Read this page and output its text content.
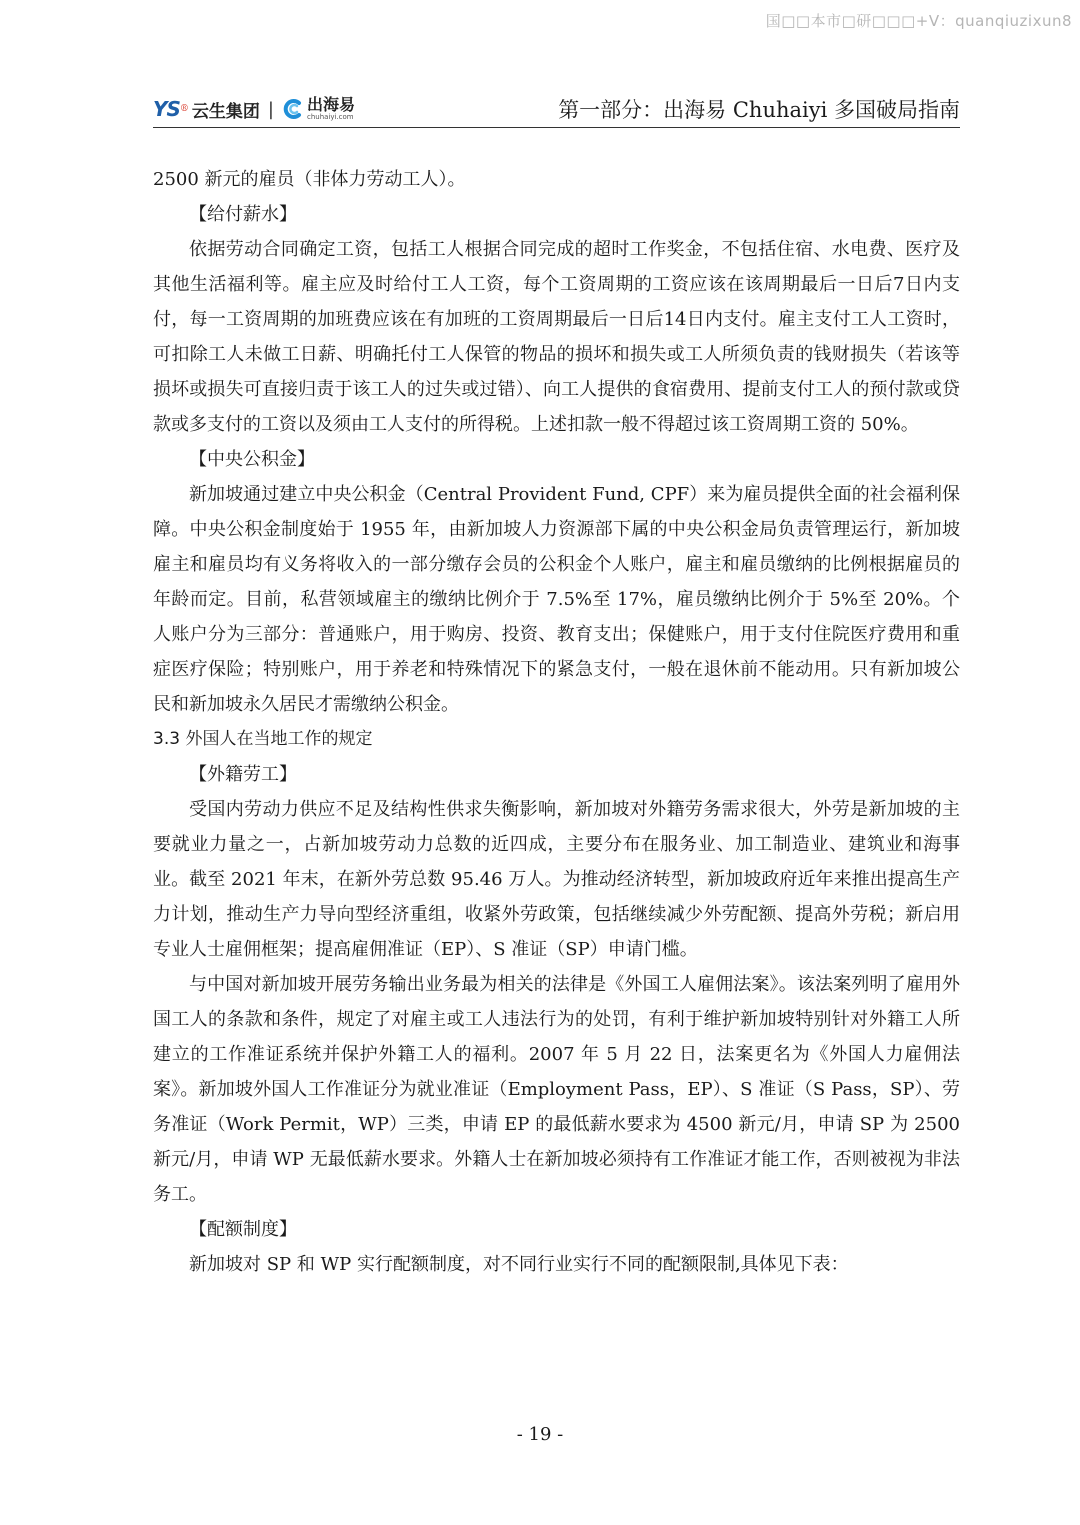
国□□本市□研□□□+V：quanqiuzixun8
YS ® 云生集团 | 出海易
chuhaiyi.com	第一部分：出海易 Chuhaiyi 多国破局指南

2500 新元的雇员（非体力劳动工人）。

【给付薪水】

依据劳动合同确定工资，包括工人根据合同完成的超时工作奖金，不包括住宿、水电费、医疗及其他生活福利等。雇主应及时给付工人工资，每个工资周期的工资应该在该周期最后一日后7日内支付，每一工资周期的加班费应该在有加班的工资周期最后一日后14日内支付。雇主支付工人工资时，可扣除工人未做工日薪、明确托付工人保管的物品的损坏和损失或工人所须负责的钱财损失（若该等损坏或损失可直接归责于该工人的过失或过错）、向工人提供的食宿费用、提前支付工人的预付款或贷款或多支付的工资以及须由工人支付的所得税。上述扣款一般不得超过该工资周期工资的 50%。

【中央公积金】

新加坡通过建立中央公积金（Central Provident Fund, CPF）来为雇员提供全面的社会福利保障。中央公积金制度始于 1955 年，由新加坡人力资源部下属的中央公积金局负责管理运行，新加坡雇主和雇员均有义务将收入的一部分缴存会员的公积金个人账户，雇主和雇员缴纳的比例根据雇员的年龄而定。目前，私营领域雇主的缴纳比例介于 7.5%至 17%，雇员缴纳比例介于 5%至 20%。个人账户分为三部分：普通账户，用于购房、投资、教育支出；保健账户，用于支付住院医疗费用和重症医疗保险；特别账户，用于养老和特殊情况下的紧急支付，一般在退休前不能动用。只有新加坡公民和新加坡永久居民才需缴纳公积金。

3.3 外国人在当地工作的规定

【外籍劳工】

受国内劳动力供应不足及结构性供求失衡影响，新加坡对外籍劳务需求很大，外劳是新加坡的主要就业力量之一，占新加坡劳动力总数的近四成，主要分布在服务业、加工制造业、建筑业和海事业。截至 2021 年末，在新外劳总数 95.46 万人。为推动经济转型，新加坡政府近年来推出提高生产力计划，推动生产力导向型经济重组，收紧外劳政策，包括继续减少外劳配额、提高外劳税；新启用专业人士雇佣框架；提高雇佣准证（EP）、S 准证（SP）申请门槛。

与中国对新加坡开展劳务输出业务最为相关的法律是《外国工人雇佣法案》。该法案列明了雇用外国工人的条款和条件，规定了对雇主或工人违法行为的处罚，有利于维护新加坡特别针对外籍工人所建立的工作准证系统并保护外籍工人的福利。2007 年 5 月 22 日，法案更名为《外国人力雇佣法案》。新加坡外国人工作准证分为就业准证（Employment Pass，EP）、S 准证（S Pass，SP）、劳务准证（Work Permit，WP）三类，申请 EP 的最低薪水要求为 4500 新元/月，申请 SP 为 2500 新元/月，申请 WP 无最低薪水要求。外籍人士在新加坡必须持有工作准证才能工作，否则被视为非法务工。

【配额制度】

新加坡对 SP 和 WP 实行配额制度，对不同行业实行不同的配额限制,具体见下表：

- 19 -
